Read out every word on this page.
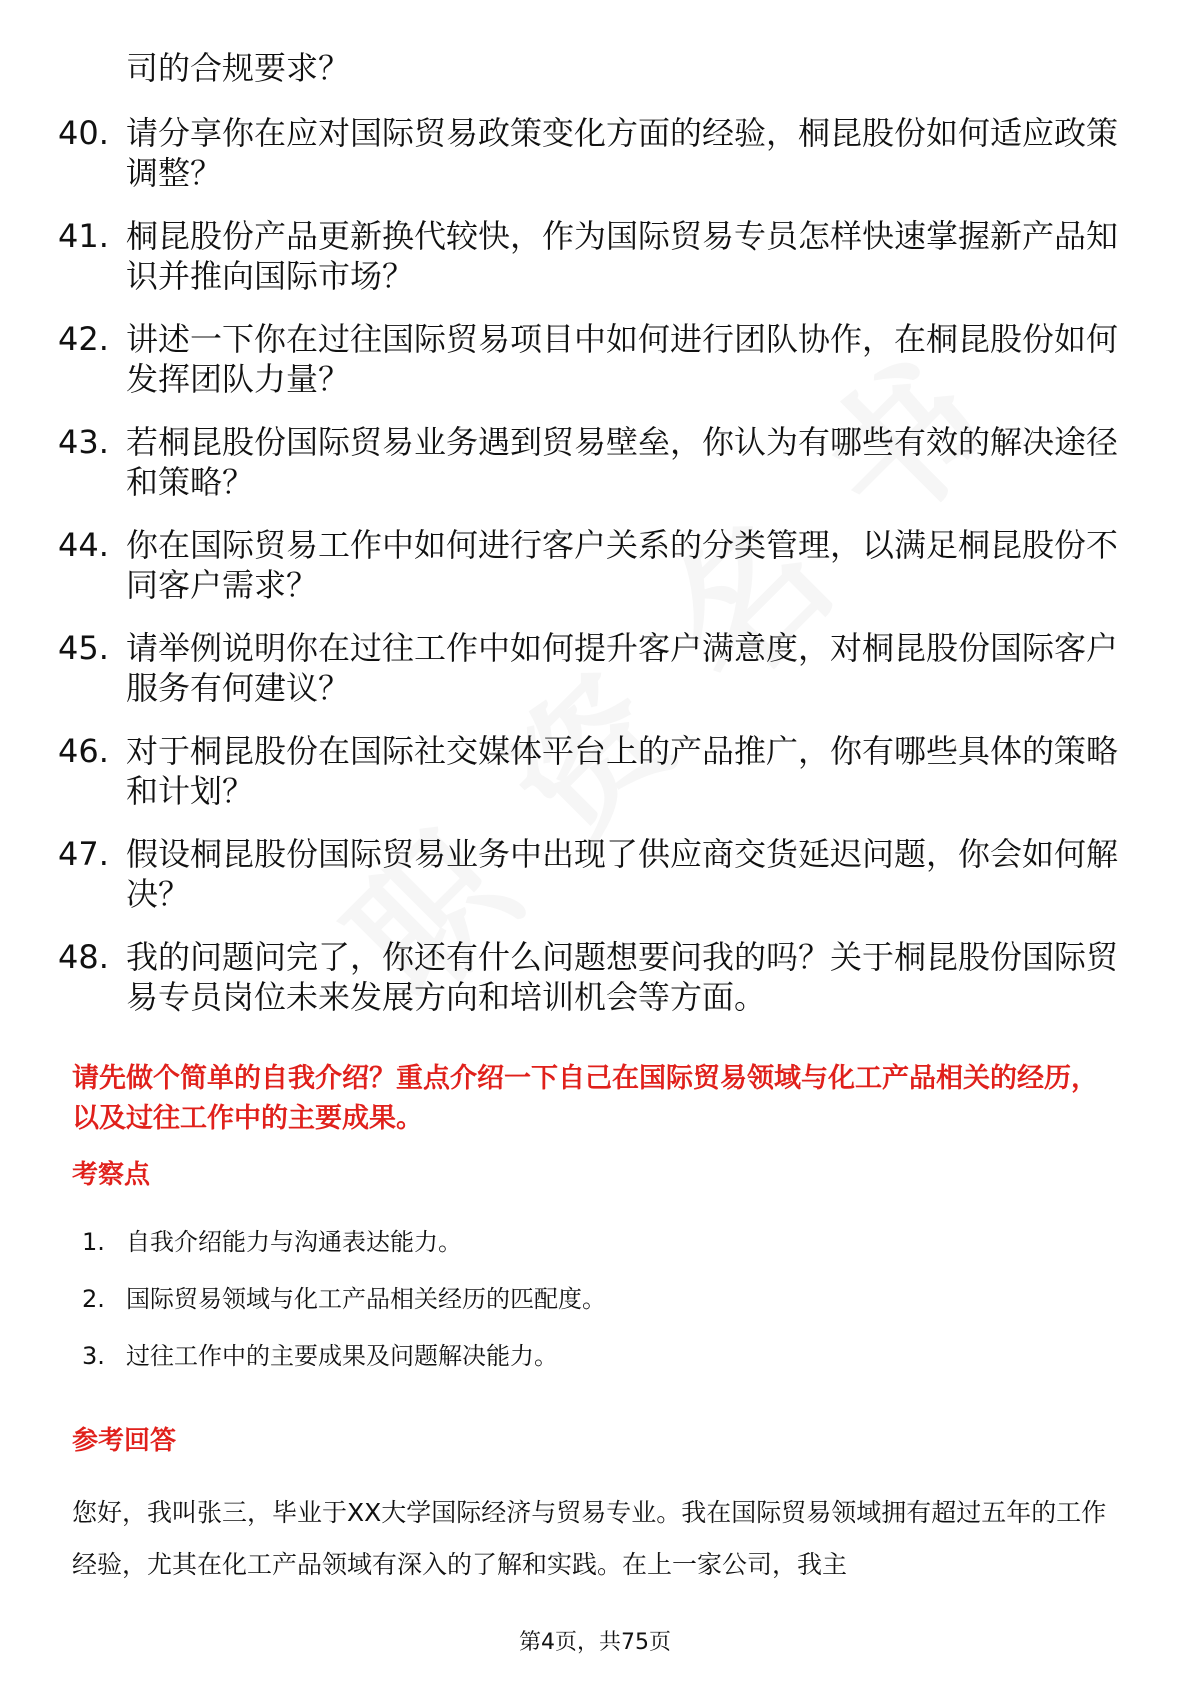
司的合规要求？
40. 请分享你在应对国际贸易政策变化方面的经验，桐昆股份如何适应政策调整？
41. 桐昆股份产品更新换代较快，作为国际贸易专员怎样快速掌握新产品知识并推向国际市场？
42. 讲述一下你在过往国际贸易项目中如何进行团队协作，在桐昆股份如何发挥团队力量？
43. 若桐昆股份国际贸易业务遇到贸易壁垒，你认为有哪些有效的解决途径和策略？
44. 你在国际贸易工作中如何进行客户关系的分类管理，以满足桐昆股份不同客户需求？
45. 请举例说明你在过往工作中如何提升客户满意度，对桐昆股份国际客户服务有何建议？
46. 对于桐昆股份在国际社交媒体平台上的产品推广，你有哪些具体的策略和计划？
47. 假设桐昆股份国际贸易业务中出现了供应商交货延迟问题，你会如何解决？
48. 我的问题问完了，你还有什么问题想要问我的吗？关于桐昆股份国际贸易专员岗位未来发展方向和培训机会等方面。
请先做个简单的自我介绍？重点介绍一下自己在国际贸易领域与化工产品相关的经历，以及过往工作中的主要成果。
考察点
1. 自我介绍能力与沟通表达能力。
2. 国际贸易领域与化工产品相关经历的匹配度。
3. 过往工作中的主要成果及问题解决能力。
参考回答
您好，我叫张三，毕业于XX大学国际经济与贸易专业。我在国际贸易领域拥有超过五年的工作经验，尤其在化工产品领域有深入的了解和实践。在上一家公司，我主
第4页，共75页
